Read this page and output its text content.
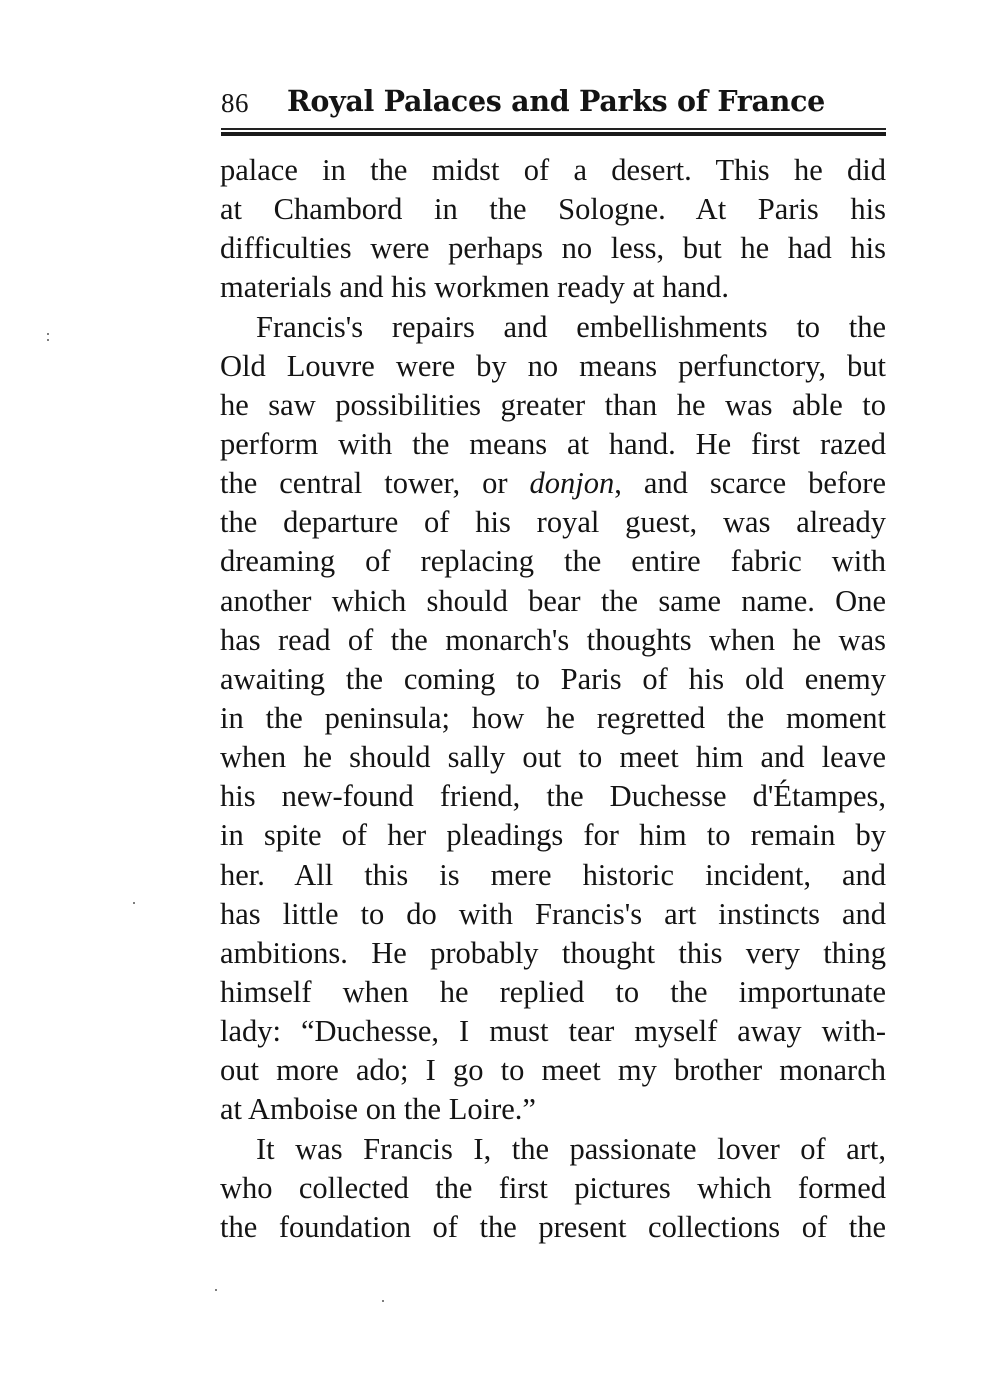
86 Royal Palaces and Parks of France
palace in the midst of a desert. This he did
at Chambord in the Sologne. At Paris his
difficulties were perhaps no less, but he had his
materials and his workmen ready at hand.
Francis's repairs and embellishments to the
Old Louvre were by no means perfunctory, but
he saw possibilities greater than he was able to
perform with the means at hand. He first razed
the central tower, or donjon, and scarce before
the departure of his royal guest, was already
dreaming of replacing the entire fabric with
another which should bear the same name. One
has read of the monarch's thoughts when he was
awaiting the coming to Paris of his old enemy
in the peninsula; how he regretted the moment
when he should sally out to meet him and leave
his new-found friend, the Duchesse d'Étampes,
in spite of her pleadings for him to remain by
her. All this is mere historic incident, and
has little to do with Francis's art instincts and
ambitions. He probably thought this very thing
himself when he replied to the importunate
lady: “Duchesse, I must tear myself away with-
out more ado; I go to meet my brother monarch
at Amboise on the Loire.”
It was Francis I, the passionate lover of art,
who collected the first pictures which formed
the foundation of the present collections of the
